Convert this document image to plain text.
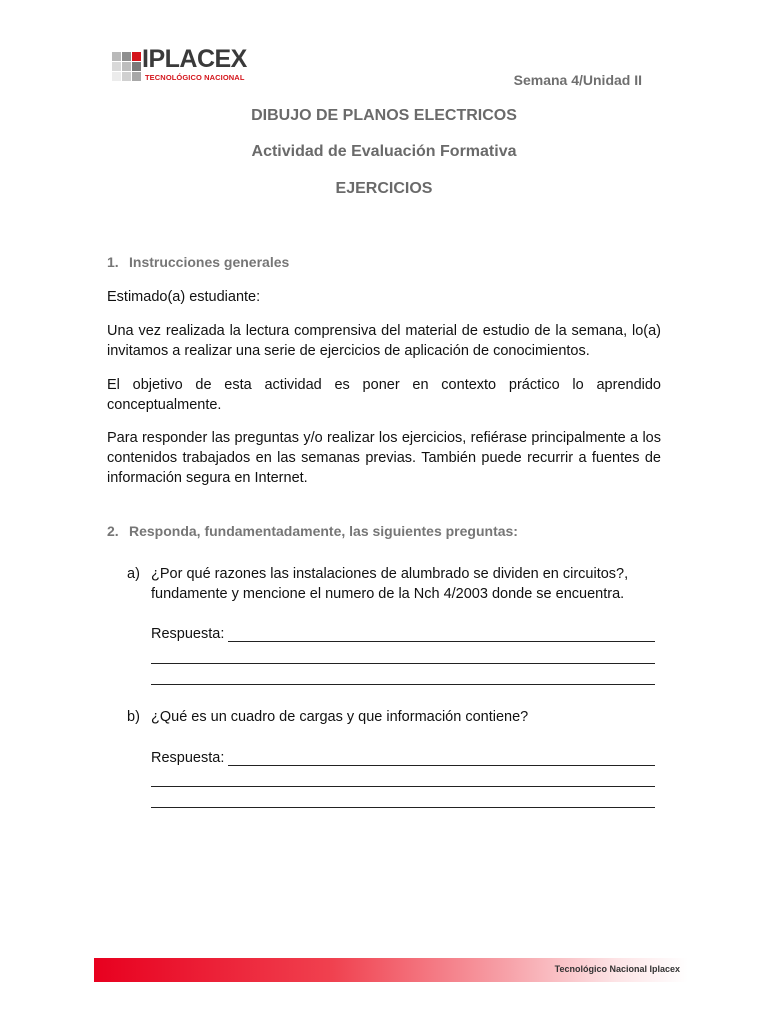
IPLACEX
TECNOLÓGICO NACIONAL	Semana 4/Unidad II
DIBUJO DE PLANOS ELECTRICOS
Actividad de Evaluación Formativa
EJERCICIOS
1. Instrucciones generales
Estimado(a) estudiante:
Una vez realizada la lectura comprensiva del material de estudio de la semana, lo(a) invitamos a realizar una serie de ejercicios de aplicación de conocimientos.
El objetivo de esta actividad es poner en contexto práctico lo aprendido conceptualmente.
Para responder las preguntas y/o realizar los ejercicios, refiérase principalmente a los contenidos trabajados en las semanas previas. También puede recurrir a fuentes de información segura en Internet.
2. Responda, fundamentadamente, las siguientes preguntas:
a) ¿Por qué razones las instalaciones de alumbrado se dividen en circuitos?, fundamente y mencione el numero de la Nch 4/2003 donde se encuentra.
Respuesta:
b) ¿Qué es un cuadro de cargas y que información contiene?
Respuesta:
Tecnológico Nacional Iplacex
